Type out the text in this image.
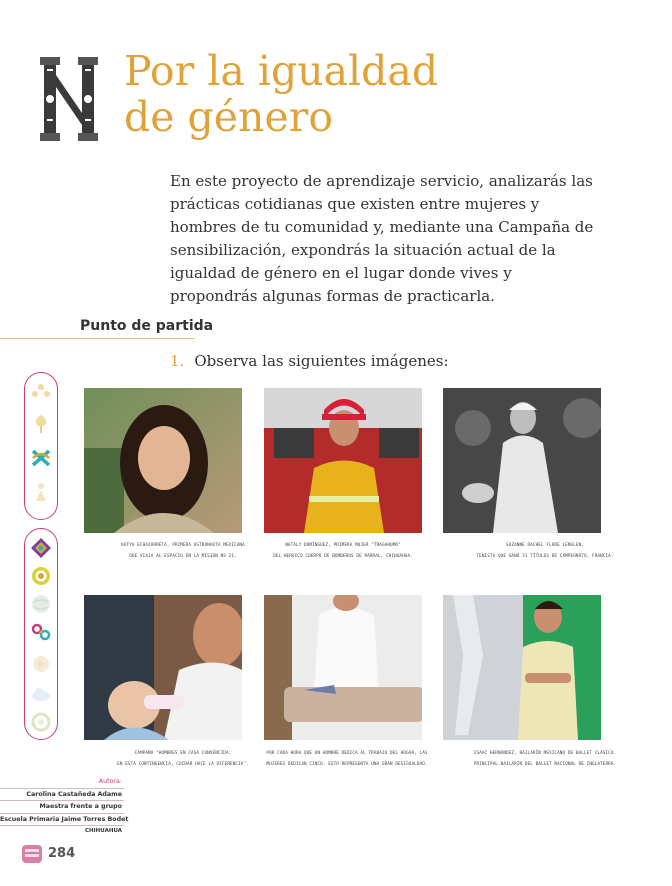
Por la igualdad
de género

En este proyecto de aprendizaje servicio, analizarás las prácticas cotidianas que existen entre mujeres y hombres de tu comunidad y, mediante una Campaña de sensibilización, expondrás la situación actual de la igualdad de género en el lugar donde vives y propondrás algunas formas de practicarla.

Punto de partida

1. Observa las siguientes imágenes:

KATYA ECHAZARRETA, PRIMERA ASTRONAUTA MEXICANA
QUE VIAJA AL ESPACIO EN LA MISIÓN NS-21.

NATALY DOMÍNGUEZ, PRIMERA MUJER "TRAGAHUMO"
DEL HEROICO CUERPO DE BOMBEROS DE PARRAL, CHIHUAHUA.

SUZANNE RACHEL FLORE LENGLEN,
TENISTA QUE GANÓ 31 TÍTULOS DE CAMPEONATO, FRANCIA.

CAMPAÑA "HOMBRES EN CASA CONVENCIDA:
EN ESTA CONTINGENCIA, CUIDAR HACE LA DIFERENCIA".

POR CADA HORA QUE UN HOMBRE DEDICA AL TRABAJO DEL HOGAR, LAS
MUJERES DEDICAN CINCO. ESTO REPRESENTA UNA GRAN DESIGUALDAD.

ISAAC HERNÁNDEZ, BAILARÍN MEXICANO DE BALLET CLÁSICO.
PRINCIPAL BAILARÍN DEL BALLET NACIONAL DE INGLATERRA.

Autora:
Carolina Castañeda Adame
Maestra frente a grupo
Escuela Primaria Jaime Torres Bodet
CHIHUAHUA

284
